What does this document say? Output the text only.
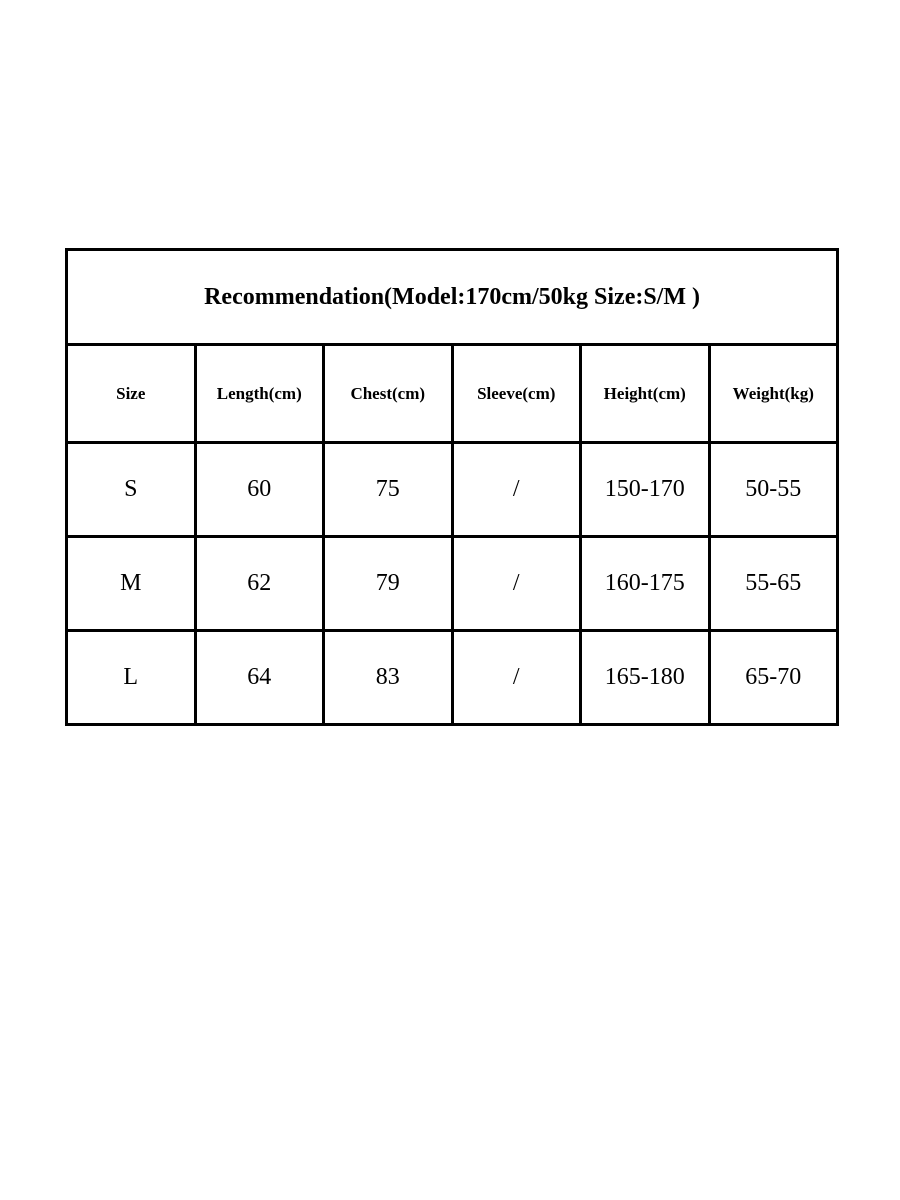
Recommendation(Model:170cm/50kg Size:S/M )					
Size	Length(cm)	Chest(cm)	Sleeve(cm)	Height(cm)	Weight(kg)
S	60	75	/	150-170	50-55
M	62	79	/	160-175	55-65
L	64	83	/	165-180	65-70
